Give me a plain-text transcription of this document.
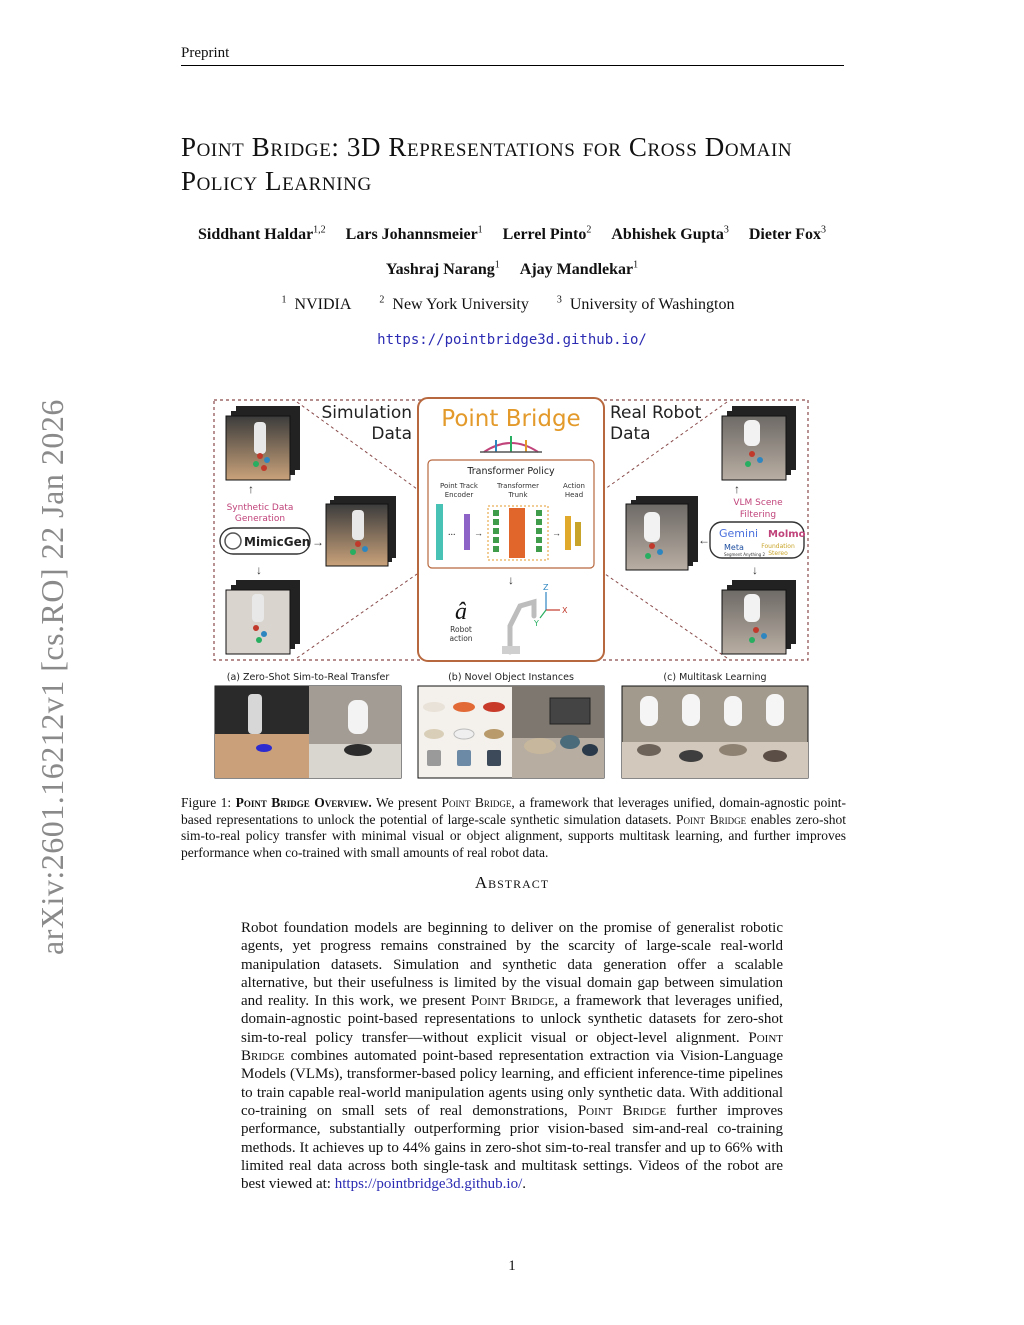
Preprint
arXiv:2601.16212v1 [cs.RO] 22 Jan 2026
Point Bridge: 3D Representations for Cross Domain Policy Learning
Siddhant Haldar$^{1,2}$ Lars Johannsmeier$^1$ Lerrel Pinto$^2$ Abhishek Gupta$^3$ Dieter Fox$^3$
Yashraj Narang$^1$ Ajay Mandlekar$^1$
$^1$ NVIDIA	$^2$ New York University	$^3$ University of Washington
https://pointbridge3d.github.io/
↑
Synthetic Data
Generation
MimicGen →
↓
Simulation
Data
Point Bridge
Transformer Policy
Point Track
Encoder
Transformer
Trunk
Action
Head
... →	→
↓
â
Robot
action
Z
X
Y
Real Robot
Data
↑
VLM Scene
Filtering
Gemini Molmo
Meta
Segment Anything 2
Foundation
Stereo
←
↓
(a) Zero-Shot Sim-to-Real Transfer	(b) Novel Object Instances	(c) Multitask Learning
Figure 1: Point Bridge Overview. We present Point Bridge, a framework that leverages unified, domain-agnostic point-based representations to unlock the potential of large-scale synthetic simulation datasets. Point Bridge enables zero-shot sim-to-real policy transfer with minimal visual or object alignment, supports multitask learning, and further improves performance when co-trained with small amounts of real robot data.
Abstract
Robot foundation models are beginning to deliver on the promise of generalist robotic agents, yet progress remains constrained by the scarcity of large-scale real-world manipulation datasets. Simulation and synthetic data generation offer a scalable alternative, but their usefulness is limited by the visual domain gap between simulation and reality. In this work, we present Point Bridge, a framework that leverages unified, domain-agnostic point-based representations to unlock synthetic datasets for zero-shot sim-to-real policy transfer—without explicit visual or object-level alignment. Point Bridge combines automated point-based representation extraction via Vision-Language Models (VLMs), transformer-based policy learning, and efficient inference-time pipelines to train capable real-world manipulation agents using only synthetic data. With additional co-training on small sets of real demonstrations, Point Bridge further improves performance, substantially outperforming prior vision-based sim-and-real co-training methods. It achieves up to 44% gains in zero-shot sim-to-real transfer and up to 66% with limited real data across both single-task and multitask settings. Videos of the robot are best viewed at: https://pointbridge3d.github.io/.
1
